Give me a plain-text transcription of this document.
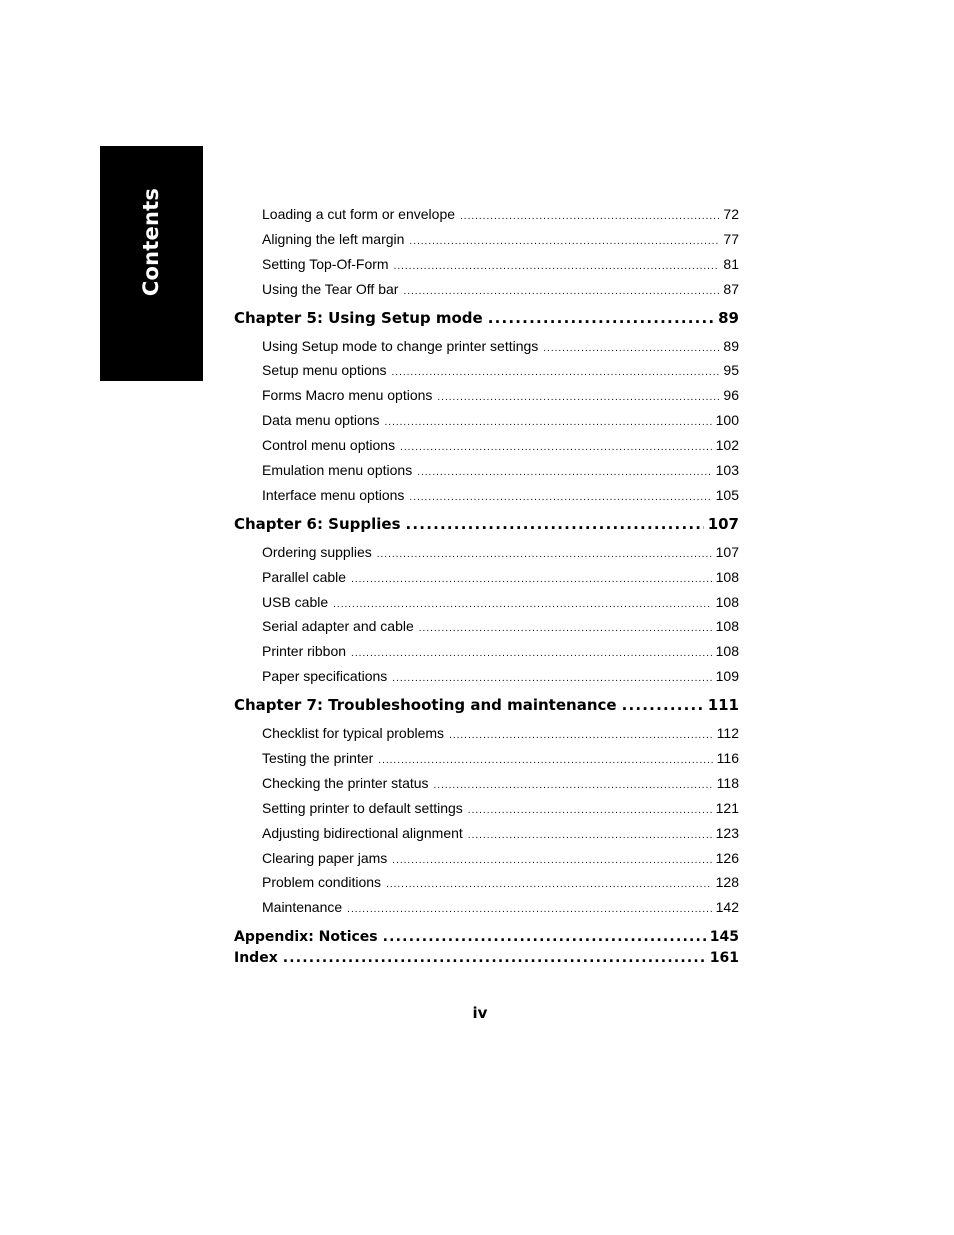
Contents	Loading a cut form or envelope .....	72
Aligning the left margin .....	77
Setting Top-Of-Form .....	81
Using the Tear Off bar .....	87
Chapter 5: Using Setup mode .....	89
Using Setup mode to change printer settings .....	89
Setup menu options .....	95
Forms Macro menu options .....	96
Data menu options .....	100
Control menu options .....	102
Emulation menu options .....	103
Interface menu options .....	105
Chapter 6: Supplies .....	107
Ordering supplies .....	107
Parallel cable .....	108
USB cable .....	108
Serial adapter and cable .....	108
Printer ribbon .....	108
Paper specifications .....	109
Chapter 7: Troubleshooting and maintenance .....	111
Checklist for typical problems .....	112
Testing the printer .....	116
Checking the printer status .....	118
Setting printer to default settings .....	121
Adjusting bidirectional alignment .....	123
Clearing paper jams .....	126
Problem conditions .....	128
Maintenance .....	142
Appendix: Notices .....	145
Index .....	161
iv
